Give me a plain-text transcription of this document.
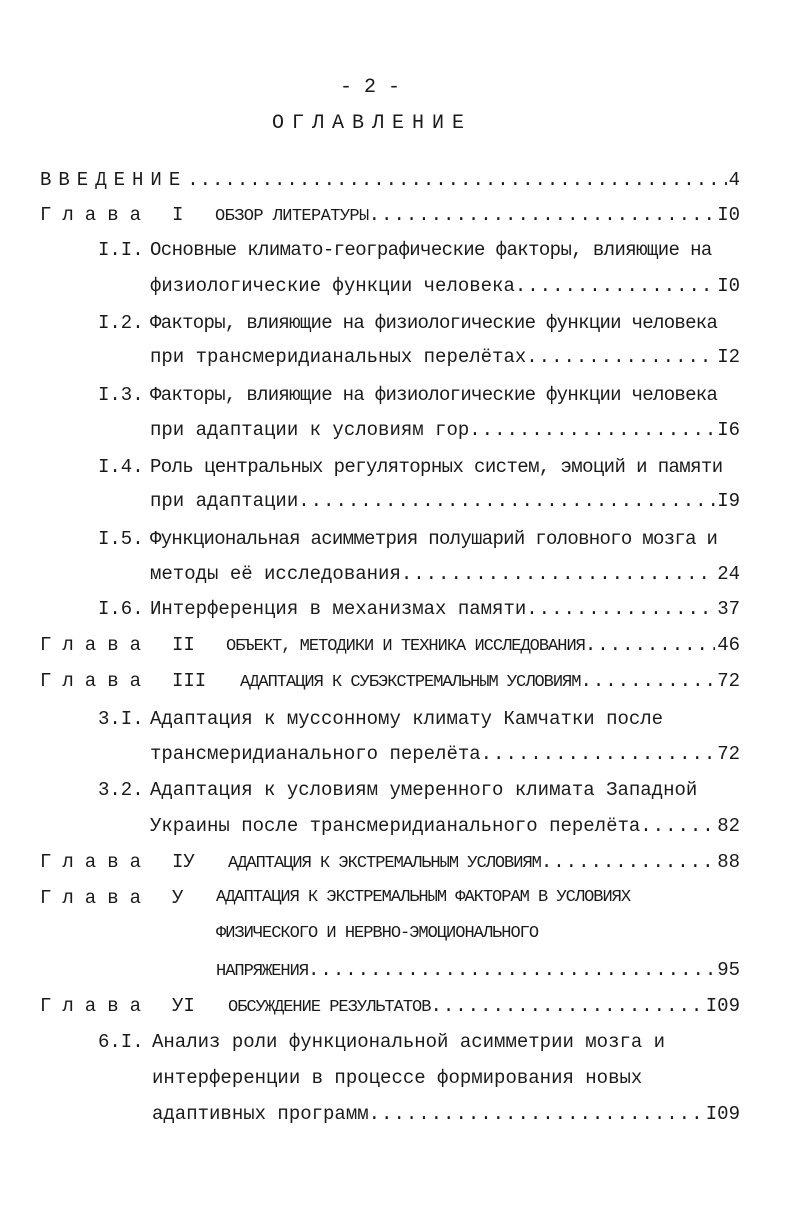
- 2 -
ОГЛАВЛЕНИЕ
ВВЕДЕНИЕ .....	4
Глава I ОБЗОР ЛИТЕРАТУРЫ .....	I0
I.I. Основные климато-географические факторы, влияющие на
физиологические функции человека .....	I0
I.2. Факторы, влияющие на физиологические функции человека
при трансмеридианальных перелётах .....	I2
I.3. Факторы, влияющие на физиологические функции человека
при адаптации к условиям гор .....	I6
I.4. Роль центральных регуляторных систем, эмоций и памяти
при адаптации .....	I9
I.5. Функциональная асимметрия полушарий головного мозга и
методы её исследования .....	24
I.6. Интерференция в механизмах памяти .....	37
Глава II ОБЪЕКТ, МЕТОДИКИ И ТЕХНИКА ИССЛЕДОВАНИЯ .....	46
Глава III АДАПТАЦИЯ К СУБЭКСТРЕМАЛЬНЫМ УСЛОВИЯМ .....	72
3.I. Адаптация к муссонному климату Камчатки после
трансмеридианального перелёта .....	72
3.2. Адаптация к условиям умеренного климата Западной
Украины после трансмеридианального перелёта .....	82
Глава IУ АДАПТАЦИЯ К ЭКСТРЕМАЛЬНЫМ УСЛОВИЯМ .....	88
Глава У АДАПТАЦИЯ К ЭКСТРЕМАЛЬНЫМ ФАКТОРАМ В УСЛОВИЯХ
ФИЗИЧЕСКОГО И НЕРВНО-ЭМОЦИОНАЛЬНОГО
НАПРЯЖЕНИЯ .....	95
Глава УI ОБСУЖДЕНИЕ РЕЗУЛЬТАТОВ .....	I09
6.I. Анализ роли функциональной асимметрии мозга и
интерференции в процессе формирования новых
адаптивных программ .....	I09
